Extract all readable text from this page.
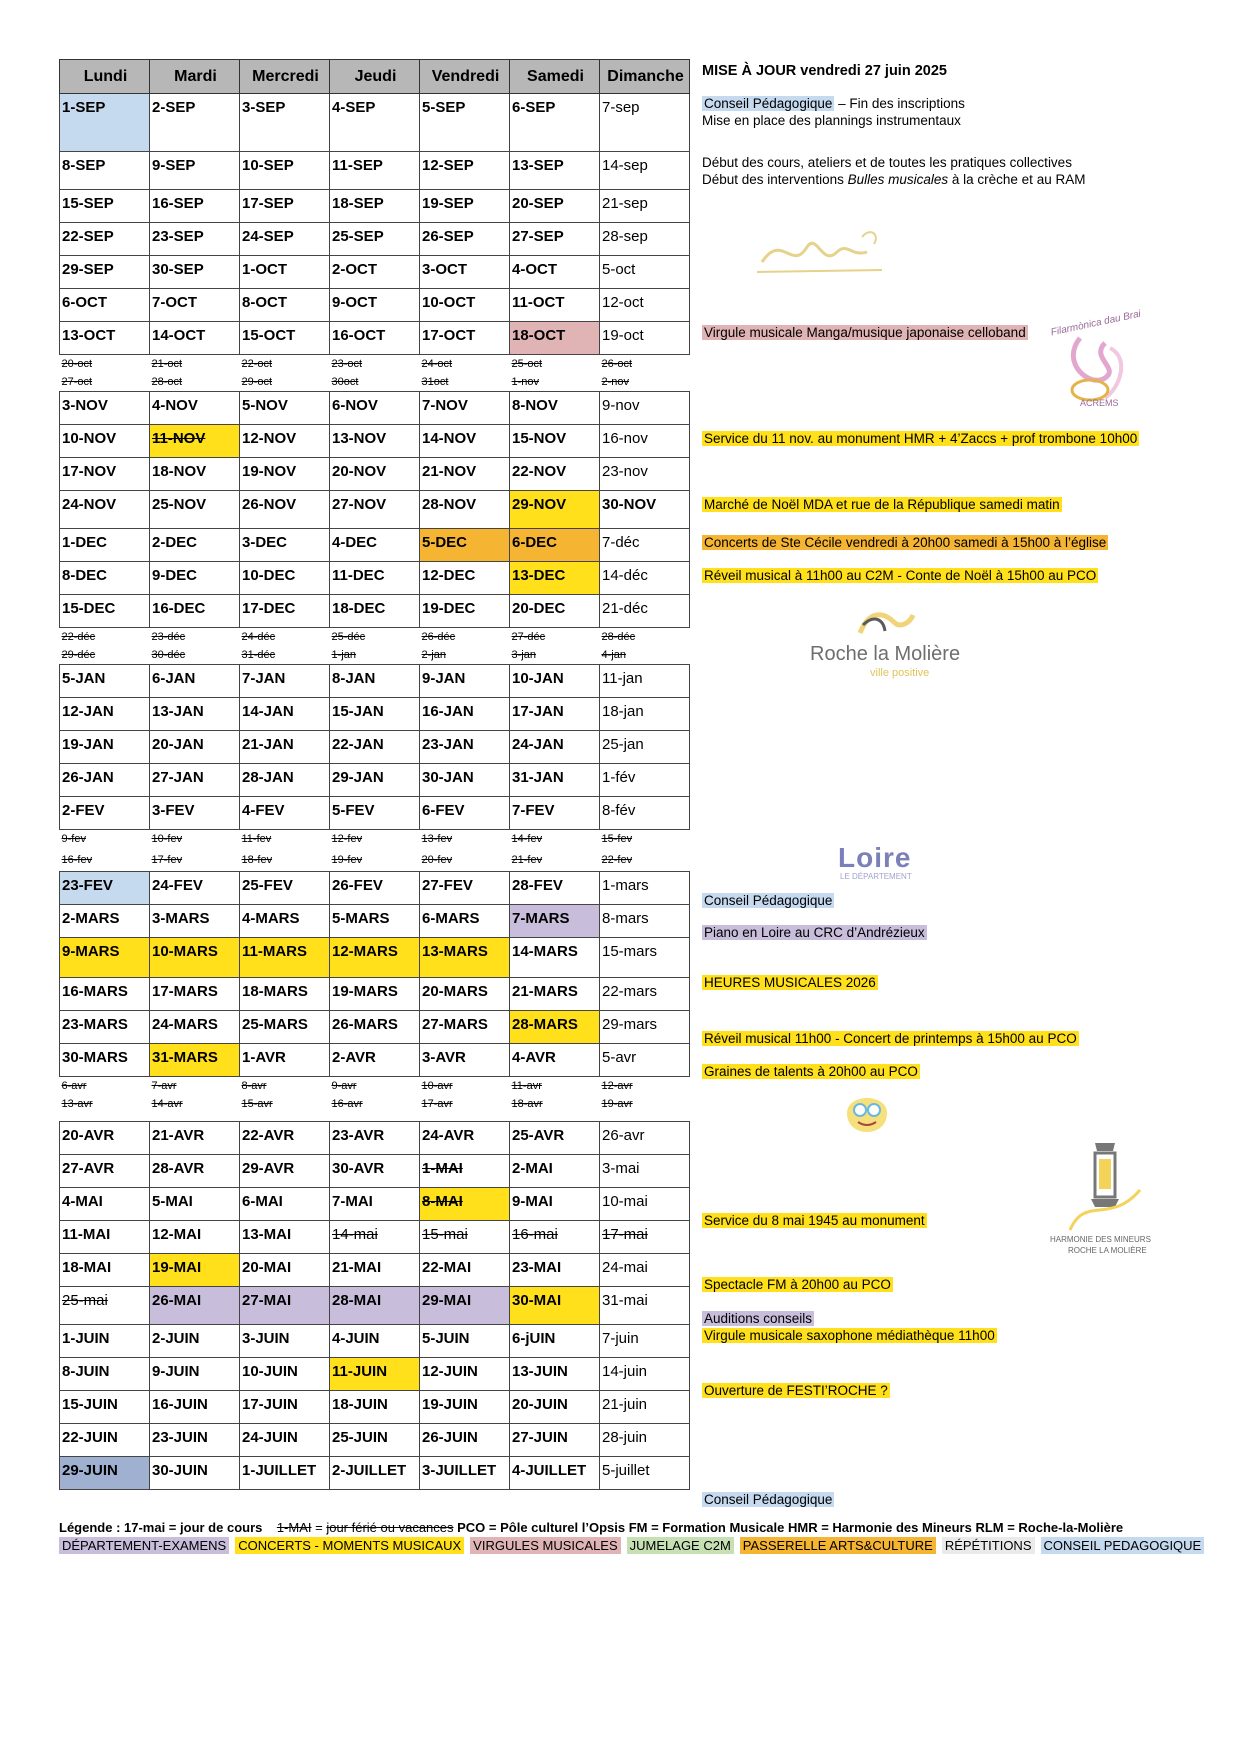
Lundi	Mardi	Mercredi	Jeudi	Vendredi	Samedi	Dimanche
1-SEP	2-SEP	3-SEP	4-SEP	5-SEP	6-SEP	7-sep
8-SEP	9-SEP	10-SEP	11-SEP	12-SEP	13-SEP	14-sep
15-SEP	16-SEP	17-SEP	18-SEP	19-SEP	20-SEP	21-sep
22-SEP	23-SEP	24-SEP	25-SEP	26-SEP	27-SEP	28-sep
29-SEP	30-SEP	1-OCT	2-OCT	3-OCT	4-OCT	5-oct
6-OCT	7-OCT	8-OCT	9-OCT	10-OCT	11-OCT	12-oct
13-OCT	14-OCT	15-OCT	16-OCT	17-OCT	18-OCT	19-oct
20-oct	21-oct	22-oct	23-oct	24-oct	25-oct	26-oct
27-oct	28-oct	29-oct	30oct	31oct	1-nov	2-nov
3-NOV	4-NOV	5-NOV	6-NOV	7-NOV	8-NOV	9-nov
10-NOV	11-NOV	12-NOV	13-NOV	14-NOV	15-NOV	16-nov
17-NOV	18-NOV	19-NOV	20-NOV	21-NOV	22-NOV	23-nov
24-NOV	25-NOV	26-NOV	27-NOV	28-NOV	29-NOV	30-NOV
1-DEC	2-DEC	3-DEC	4-DEC	5-DEC	6-DEC	7-déc
8-DEC	9-DEC	10-DEC	11-DEC	12-DEC	13-DEC	14-déc
15-DEC	16-DEC	17-DEC	18-DEC	19-DEC	20-DEC	21-déc
22-déc	23-déc	24-déc	25-déc	26-déc	27-déc	28-déc
29-déc	30-déc	31-déc	1-jan	2-jan	3-jan	4-jan
5-JAN	6-JAN	7-JAN	8-JAN	9-JAN	10-JAN	11-jan
12-JAN	13-JAN	14-JAN	15-JAN	16-JAN	17-JAN	18-jan
19-JAN	20-JAN	21-JAN	22-JAN	23-JAN	24-JAN	25-jan
26-JAN	27-JAN	28-JAN	29-JAN	30-JAN	31-JAN	1-fév
2-FEV	3-FEV	4-FEV	5-FEV	6-FEV	7-FEV	8-fév
9-fev	10-fev	11-fev	12-fev	13-fev	14-fev	15-fev
16-fev	17-fev	18-fev	19-fev	20-fev	21-fev	22-fev
23-FEV	24-FEV	25-FEV	26-FEV	27-FEV	28-FEV	1-mars
2-MARS	3-MARS	4-MARS	5-MARS	6-MARS	7-MARS	8-mars
9-MARS	10-MARS	11-MARS	12-MARS	13-MARS	14-MARS	15-mars
16-MARS	17-MARS	18-MARS	19-MARS	20-MARS	21-MARS	22-mars
23-MARS	24-MARS	25-MARS	26-MARS	27-MARS	28-MARS	29-mars
30-MARS	31-MARS	1-AVR	2-AVR	3-AVR	4-AVR	5-avr
6-avr	7-avr	8-avr	9-avr	10-avr	11-avr	12-avr
13-avr	14-avr	15-avr	16-avr	17-avr	18-avr	19-avr

20-AVR	21-AVR	22-AVR	23-AVR	24-AVR	25-AVR	26-avr
27-AVR	28-AVR	29-AVR	30-AVR	1-MAI	2-MAI	3-mai
4-MAI	5-MAI	6-MAI	7-MAI	8-MAI	9-MAI	10-mai
11-MAI	12-MAI	13-MAI	14-mai	15-mai	16-mai	17-mai
18-MAI	19-MAI	20-MAI	21-MAI	22-MAI	23-MAI	24-mai
25-mai	26-MAI	27-MAI	28-MAI	29-MAI	30-MAI	31-mai
1-JUIN	2-JUIN	3-JUIN	4-JUIN	5-JUIN	6-jUIN	7-juin
8-JUIN	9-JUIN	10-JUIN	11-JUIN	12-JUIN	13-JUIN	14-juin
15-JUIN	16-JUIN	17-JUIN	18-JUIN	19-JUIN	20-JUIN	21-juin
22-JUIN	23-JUIN	24-JUIN	25-JUIN	26-JUIN	27-JUIN	28-juin
29-JUIN	30-JUIN	1-JUILLET	2-JUILLET	3-JUILLET	4-JUILLET	5-juillet
MISE À JOUR vendredi 27 juin 2025
Conseil Pédagogique – Fin des inscriptions
Mise en place des plannings instrumentaux
Début des cours, ateliers et de toutes les pratiques collectives
Début des interventions Bulles musicales à la crèche et au RAM
Virgule musicale Manga/musique japonaise celloband
Service du 11 nov. au monument HMR + 4’Zaccs + prof trombone 10h00
Marché de Noël MDA et rue de la République samedi matin
Concerts de Ste Cécile vendredi à 20h00 samedi à 15h00 à l’église
Réveil musical à 11h00 au C2M - Conte de Noël à 15h00 au PCO
Conseil Pédagogique
Piano en Loire au CRC d’Andrézieux
HEURES MUSICALES 2026
Réveil musical 11h00 - Concert de printemps à 15h00 au PCO
Graines de talents à 20h00 au PCO
Service du 8 mai 1945 au monument
Spectacle FM à 20h00 au PCO
Auditions conseils
Virgule musicale saxophone médiathèque 11h00
Ouverture de FESTI’ROCHE ?
Conseil Pédagogique
Filarmònica dau Brai
ACREMS
Roche la Molière
ville positive
Loire
LE DÉPARTEMENT
HARMONIE DES MINEURS
ROCHE LA MOLIÈRE
Légende : 17-mai = jour de cours 1-MAI = jour férié ou vacances PCO = Pôle culturel l’Opsis FM = Formation Musicale HMR = Harmonie des Mineurs RLM = Roche-la-Molière
DÉPARTEMENT-EXAMENS CONCERTS - MOMENTS MUSICAUX VIRGULES MUSICALES JUMELAGE C2M PASSERELLE ARTS&CULTURE RÉPÉTITIONS CONSEIL PEDAGOGIQUE
